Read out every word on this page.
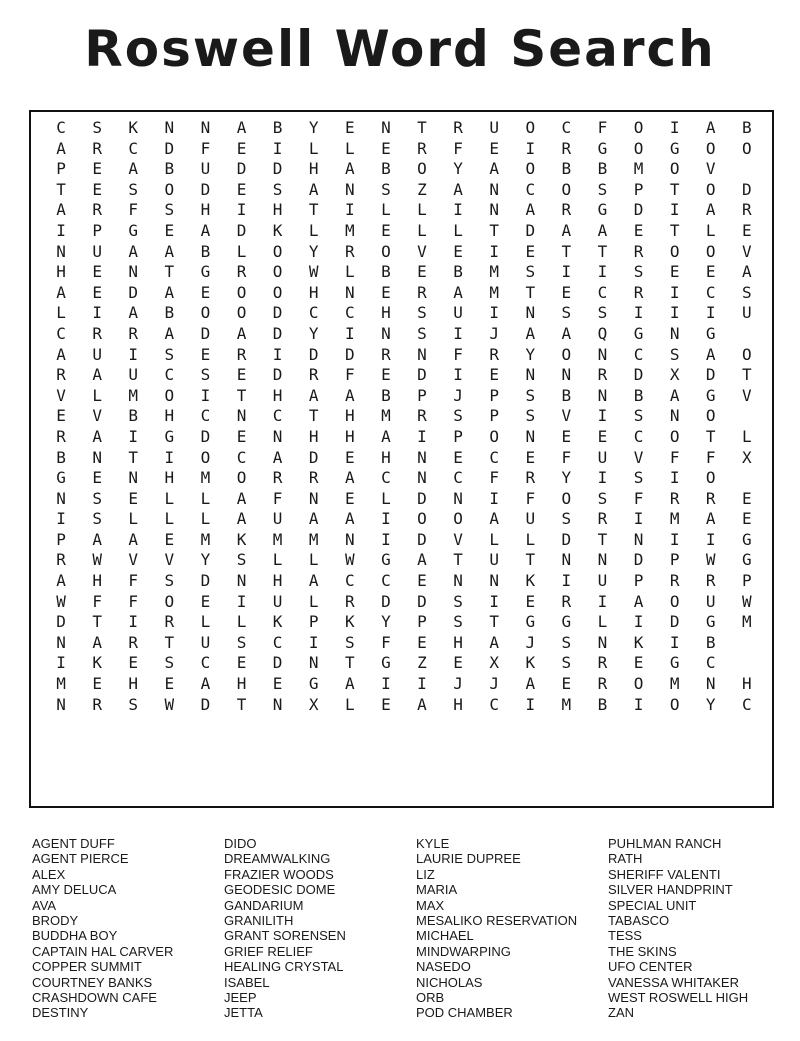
Roswell Word Search
C	S	K	N	N	A	B	Y	E	N	T	R	U	O	C	F	O	I	A	B
A	R	C	D	F	E	I	L	L	E	R	F	E	I	R	G	O	G	O	O
P	E	A	B	U	D	D	H	A	B	O	Y	A	O	B	B	M	O	V
T	E	S	O	D	E	S	A	N	S	Z	A	N	C	O	S	P	T	O	D
A	R	F	S	H	I	H	T	I	L	L	I	N	A	R	G	D	I	A	R
I	P	G	E	A	D	K	L	M	E	L	L	T	D	A	A	E	T	L	E
N	U	A	A	B	L	O	Y	R	O	V	E	I	E	T	T	R	O	O	V
H	E	N	T	G	R	O	W	L	B	E	B	M	S	I	I	S	E	E	A
A	E	D	A	E	O	O	H	N	E	R	A	M	T	E	C	R	I	C	S
L	I	A	B	O	O	D	C	C	H	S	U	I	N	S	S	I	I	I	U
C	R	R	A	D	A	D	Y	I	N	S	I	J	A	A	Q	G	N	G
A	U	I	S	E	R	I	D	D	R	N	F	R	Y	O	N	C	S	A	O
R	A	U	C	S	E	D	R	F	E	D	I	E	N	N	R	D	X	D	T
V	L	M	O	I	T	H	A	A	B	P	J	P	S	B	N	B	A	G	V
E	V	B	H	C	N	C	T	H	M	R	S	P	S	V	I	S	N	O
R	A	I	G	D	E	N	H	H	A	I	P	O	N	E	E	C	O	T	L
B	N	T	I	O	C	A	D	E	H	N	E	C	E	F	U	V	F	F	X
G	E	N	H	M	O	R	R	A	C	N	C	F	R	Y	I	S	I	O
N	S	E	L	L	A	F	N	E	L	D	N	I	F	O	S	F	R	R	E
I	S	L	L	L	A	U	A	A	I	O	O	A	U	S	R	I	M	A	E
P	A	A	E	M	K	M	M	N	I	D	V	L	L	D	T	N	I	I	G
R	W	V	V	Y	S	L	L	W	G	A	T	U	T	N	N	D	P	W	G
A	H	F	S	D	N	H	A	C	C	E	N	N	K	I	U	P	R	R	P
W	F	F	O	E	I	U	L	R	D	D	S	I	E	R	I	A	O	U	W
D	T	I	R	L	L	K	P	K	Y	P	S	T	G	G	L	I	D	G	M
N	A	R	T	U	S	C	I	S	F	E	H	A	J	S	N	K	I	B
I	K	E	S	C	E	D	N	T	G	Z	E	X	K	S	R	E	G	C
M	E	H	E	A	H	E	G	A	I	I	J	J	A	E	R	O	M	N	H
N	R	S	W	D	T	N	X	L	E	A	H	C	I	M	B	I	O	Y	C
AGENT DUFF
AGENT PIERCE
ALEX
AMY DELUCA
AVA
BRODY
BUDDHA BOY
CAPTAIN HAL CARVER
COPPER SUMMIT
COURTNEY BANKS
CRASHDOWN CAFE
DESTINY
DIDO
DREAMWALKING
FRAZIER WOODS
GEODESIC DOME
GANDARIUM
GRANILITH
GRANT SORENSEN
GRIEF RELIEF
HEALING CRYSTAL
ISABEL
JEEP
JETTA
KYLE
LAURIE DUPREE
LIZ
MARIA
MAX
MESALIKO RESERVATION
MICHAEL
MINDWARPING
NASEDO
NICHOLAS
ORB
POD CHAMBER
PUHLMAN RANCH
RATH
SHERIFF VALENTI
SILVER HANDPRINT
SPECIAL UNIT
TABASCO
TESS
THE SKINS
UFO CENTER
VANESSA WHITAKER
WEST ROSWELL HIGH
ZAN
